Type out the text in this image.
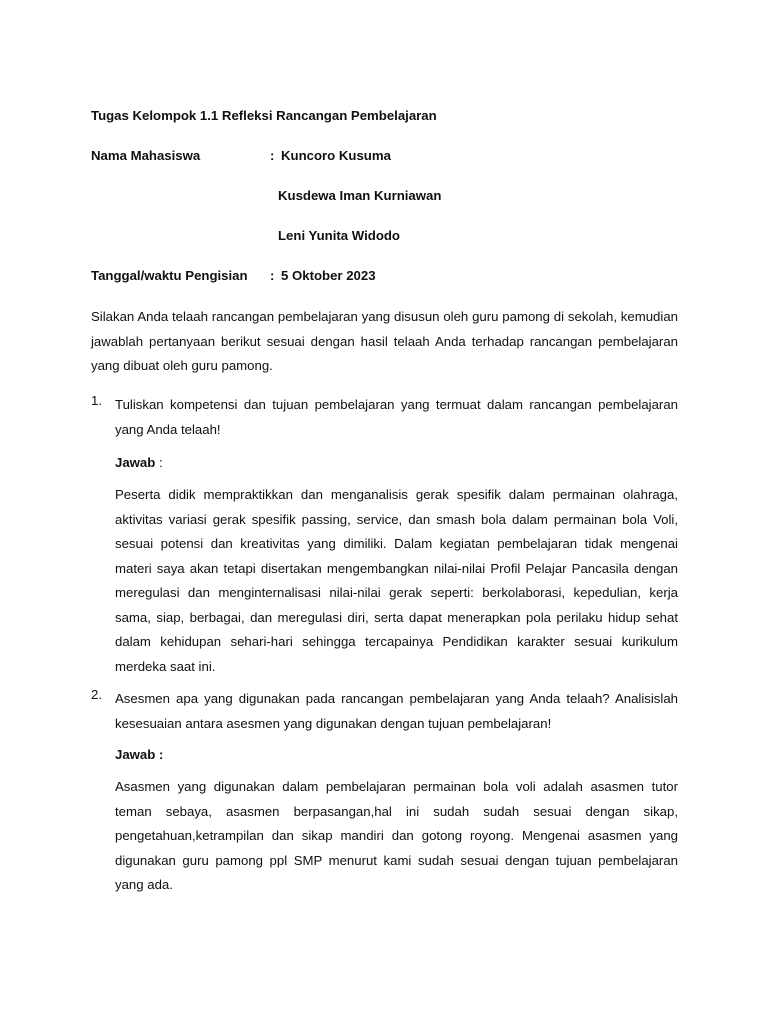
Tugas Kelompok 1.1 Refleksi Rancangan Pembelajaran
Nama Mahasiswa	: Kuncoro Kusuma
Kusdewa Iman Kurniawan
Leni Yunita Widodo
Tanggal/waktu Pengisian : 5 Oktober 2023
Silakan Anda telaah rancangan pembelajaran yang disusun oleh guru pamong di sekolah, kemudian jawablah pertanyaan berikut sesuai dengan hasil telaah Anda terhadap rancangan pembelajaran yang dibuat oleh guru pamong.
1. Tuliskan kompetensi dan tujuan pembelajaran yang termuat dalam rancangan pembelajaran yang Anda telaah!
Jawab :
Peserta didik mempraktikkan dan menganalisis gerak spesifik dalam permainan olahraga, aktivitas variasi gerak spesifik passing, service, dan smash bola dalam permainan bola Voli, sesuai potensi dan kreativitas yang dimiliki. Dalam kegiatan pembelajaran tidak mengenai materi saya akan tetapi disertakan mengembangkan nilai-nilai Profil Pelajar Pancasila dengan meregulasi dan menginternalisasi nilai-nilai gerak seperti: berkolaborasi, kepedulian, kerja sama, siap, berbagai, dan meregulasi diri, serta dapat menerapkan pola perilaku hidup sehat dalam kehidupan sehari-hari sehingga tercapainya Pendidikan karakter sesuai kurikulum merdeka saat ini.
2. Asesmen apa yang digunakan pada rancangan pembelajaran yang Anda telaah? Analisislah kesesuaian antara asesmen yang digunakan dengan tujuan pembelajaran!
Jawab :
Asasmen yang digunakan dalam pembelajaran permainan bola voli adalah asasmen tutor teman sebaya, asasmen berpasangan,hal ini sudah sudah sesuai dengan sikap, pengetahuan,ketrampilan dan sikap mandiri dan gotong royong. Mengenai asasmen yang digunakan guru pamong ppl SMP menurut kami sudah sesuai dengan tujuan pembelajaran yang ada.
